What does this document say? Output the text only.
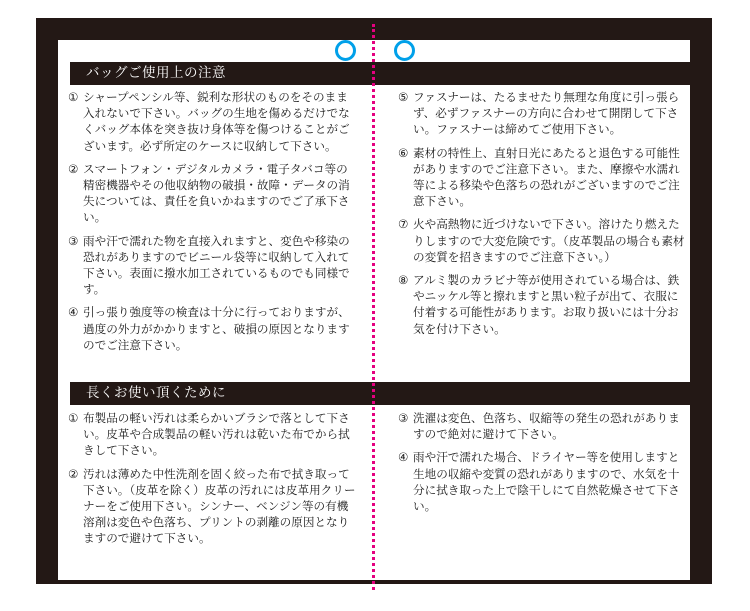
バッグご使用上の注意
① シャープペンシル等、鋭利な形状のものをそのまま入れないで下さい。バッグの生地を傷めるだけでなくバッグ本体を突き抜け身体等を傷つけることがございます。必ず所定のケースに収納して下さい。
② スマートフォン・デジタルカメラ・電子タバコ等の精密機器やその他収納物の破損・故障・データの消失については、責任を負いかねますのでご了承下さい。
③ 雨や汗で濡れた物を直接入れますと、変色や移染の恐れがありますのでビニール袋等に収納して入れて下さい。表面に撥水加工されているものでも同様です。
④ 引っ張り強度等の検査は十分に行っておりますが、過度の外力がかかりますと、破損の原因となりますのでご注意下さい。
⑤ ファスナーは、たるませたり無理な角度に引っ張らず、必ずファスナーの方向に合わせて開閉して下さい。ファスナーは締めてご使用下さい。
⑥ 素材の特性上、直射日光にあたると退色する可能性がありますのでご注意下さい。また、摩擦や水濡れ等による移染や色落ちの恐れがございますのでご注意下さい。
⑦ 火や高熱物に近づけないで下さい。溶けたり燃えたりしますので大変危険です。（皮革製品の場合も素材の変質を招きますのでご注意下さい。）
⑧ アルミ製のカラビナ等が使用されている場合は、鉄やニッケル等と擦れますと黒い粒子が出て、衣服に付着する可能性があります。お取り扱いには十分お気を付け下さい。
長くお使い頂くために
① 布製品の軽い汚れは柔らかいブラシで落として下さい。皮革や合成製品の軽い汚れは乾いた布でから拭きして下さい。
② 汚れは薄めた中性洗剤を固く絞った布で拭き取って下さい。（皮革を除く）皮革の汚れには皮革用クリーナーをご使用下さい。シンナー、ベンジン等の有機溶剤は変色や色落ち、プリントの剥離の原因となりますので避けて下さい。
③ 洗濯は変色、色落ち、収縮等の発生の恐れがありますので絶対に避けて下さい。
④ 雨や汗で濡れた場合、ドライヤー等を使用しますと生地の収縮や変質の恐れがありますので、水気を十分に拭き取った上で陰干しにて自然乾燥させて下さい。
